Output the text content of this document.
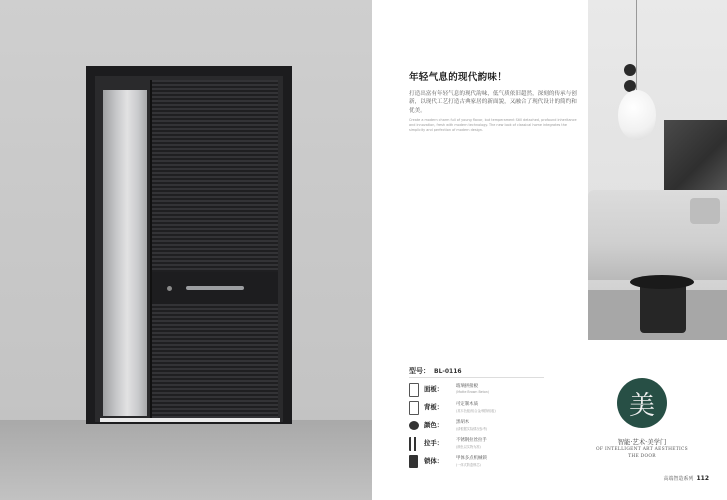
年轻气息的现代韵味！
打造出富有年轻气息的现代韵味，低气质依旧超然，深刻的传承与创新，以现代工艺打造古典家居的新面貌，又融合了现代设计的简约和优美。
Create a modern charm full of young flavor, but temperament Still detached, profound inheritance and innovation, fresh with modern technology. The new look of classical home integrates the simplicity and perfection of modern design.
型号： BL-0116
面板：	玻璃拼接板
(Matte Brown Beton)
背板：	可定制木质
(其木色板/铝合金/铜饰铝板)
颜色：	黑胡木
(请根据实际情况参考)
拉手：	不锈钢拉丝拉手
(颜色以实物为准)
锁体：	甲体多点机械锁
(一体式防盗锁芯)
美
智能·艺术·美学门
OF INTELLIGENT ART AESTHETICS
THE DOOR
高端智造系列 112
